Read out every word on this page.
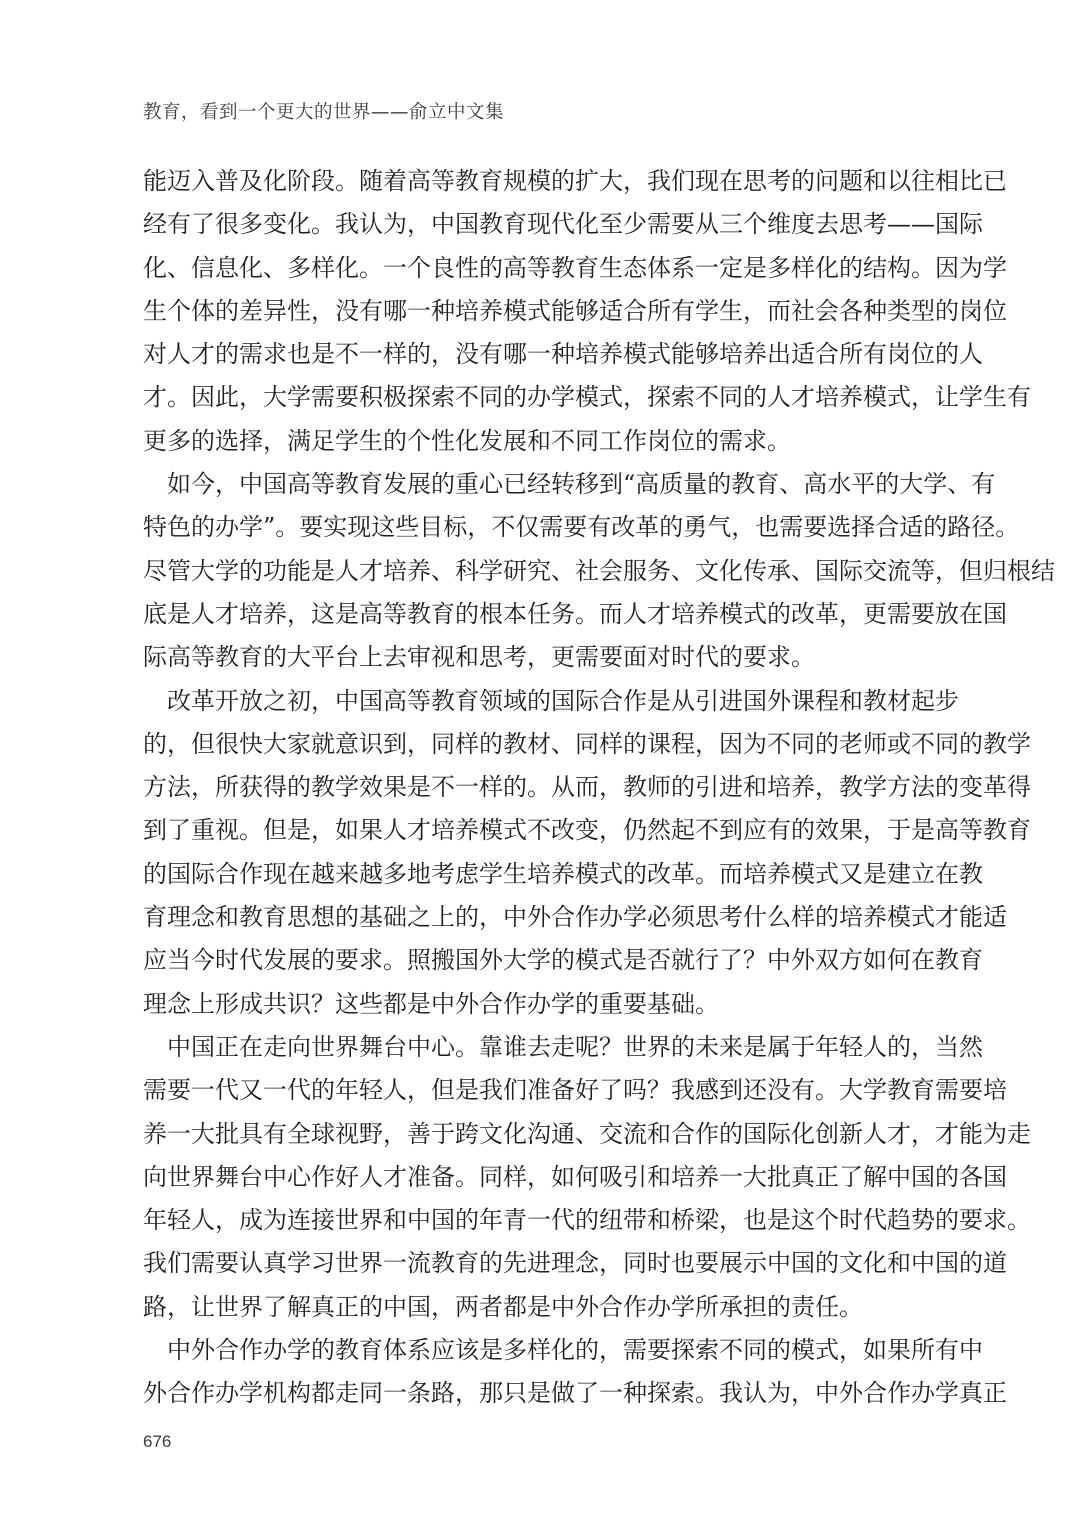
教育，看到一个更大的世界——俞立中文集
能迈入普及化阶段。随着高等教育规模的扩大，我们现在思考的问题和以往相比已
经有了很多变化。我认为，中国教育现代化至少需要从三个维度去思考——国际
化、信息化、多样化。一个良性的高等教育生态体系一定是多样化的结构。因为学
生个体的差异性，没有哪一种培养模式能够适合所有学生，而社会各种类型的岗位
对人才的需求也是不一样的，没有哪一种培养模式能够培养出适合所有岗位的人
才。因此，大学需要积极探索不同的办学模式，探索不同的人才培养模式，让学生有
更多的选择，满足学生的个性化发展和不同工作岗位的需求。
如今，中国高等教育发展的重心已经转移到“高质量的教育、高水平的大学、有
特色的办学”。要实现这些目标，不仅需要有改革的勇气，也需要选择合适的路径。
尽管大学的功能是人才培养、科学研究、社会服务、文化传承、国际交流等，但归根结
底是人才培养，这是高等教育的根本任务。而人才培养模式的改革，更需要放在国
际高等教育的大平台上去审视和思考，更需要面对时代的要求。
改革开放之初，中国高等教育领域的国际合作是从引进国外课程和教材起步
的，但很快大家就意识到，同样的教材、同样的课程，因为不同的老师或不同的教学
方法，所获得的教学效果是不一样的。从而，教师的引进和培养，教学方法的变革得
到了重视。但是，如果人才培养模式不改变，仍然起不到应有的效果，于是高等教育
的国际合作现在越来越多地考虑学生培养模式的改革。而培养模式又是建立在教
育理念和教育思想的基础之上的，中外合作办学必须思考什么样的培养模式才能适
应当今时代发展的要求。照搬国外大学的模式是否就行了？中外双方如何在教育
理念上形成共识？这些都是中外合作办学的重要基础。
中国正在走向世界舞台中心。靠谁去走呢？世界的未来是属于年轻人的，当然
需要一代又一代的年轻人，但是我们准备好了吗？我感到还没有。大学教育需要培
养一大批具有全球视野，善于跨文化沟通、交流和合作的国际化创新人才，才能为走
向世界舞台中心作好人才准备。同样，如何吸引和培养一大批真正了解中国的各国
年轻人，成为连接世界和中国的年青一代的纽带和桥梁，也是这个时代趋势的要求。
我们需要认真学习世界一流教育的先进理念，同时也要展示中国的文化和中国的道
路，让世界了解真正的中国，两者都是中外合作办学所承担的责任。
中外合作办学的教育体系应该是多样化的，需要探索不同的模式，如果所有中
外合作办学机构都走同一条路，那只是做了一种探索。我认为，中外合作办学真正
676
